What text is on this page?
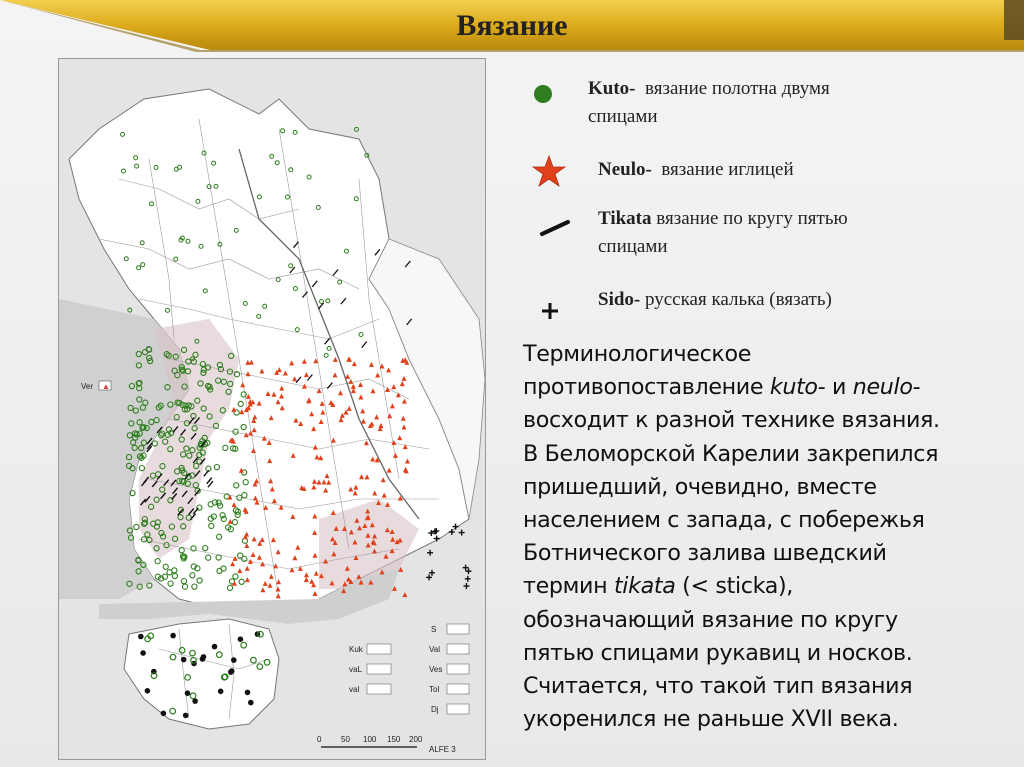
Вязание
Ver ▲
Kuk
vaL
val
S
Val
Ves
Tol
Dj
0 50 100 150 200
ALFE 3
Kuto- вязание полотна двумя
спицами
Neulo- вязание иглицей
Tikata вязание по кругу пятью
спицами
Sido- русская калька (вязать)
Терминологическое
противопоставление kuto- и neulo-
восходит к разной технике вязания.
В Беломорской Карелии закрепился
пришедший, очевидно, вместе
населением с запада, с побережья
Ботнического залива шведский
термин tikata (< sticka),
обозначающий вязание по кругу
пятью спицами рукавиц и носков.
Считается, что такой тип вязания
укоренился не раньше XVII века.
